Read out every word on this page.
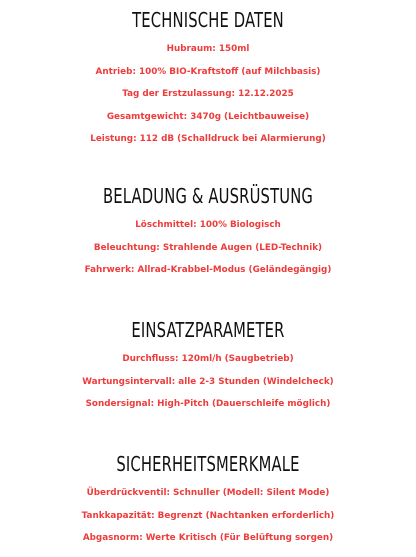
TECHNISCHE DATEN
Hubraum: 150ml
Antrieb: 100% BIO-Kraftstoff (auf Milchbasis)
Tag der Erstzulassung: 12.12.2025
Gesamtgewicht: 3470g (Leichtbauweise)
Leistung: 112 dB (Schalldruck bei Alarmierung)
BELADUNG & AUSRÜSTUNG
Löschmittel: 100% Biologisch
Beleuchtung: Strahlende Augen (LED-Technik)
Fahrwerk: Allrad-Krabbel-Modus (Geländegängig)
EINSATZPARAMETER
Durchfluss: 120ml/h (Saugbetrieb)
Wartungsintervall: alle 2-3 Stunden (Windelcheck)
Sondersignal: High-Pitch (Dauerschleife möglich)
SICHERHEITSMERKMALE
Überdrückventil: Schnuller (Modell: Silent Mode)
Tankkapazität: Begrenzt (Nachtanken erforderlich)
Abgasnorm: Werte Kritisch (Für Belüftung sorgen)
